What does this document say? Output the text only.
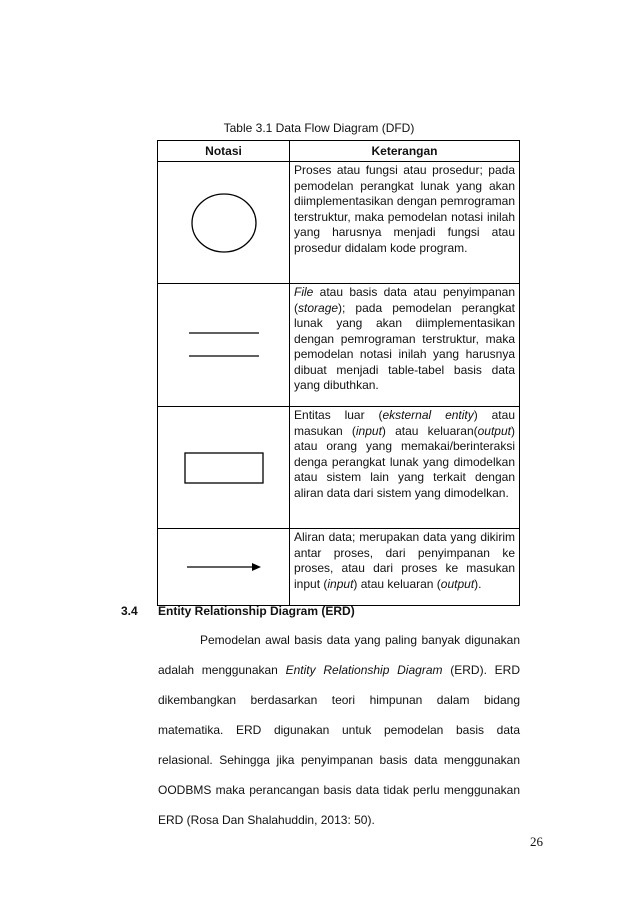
Table 3.1 Data Flow Diagram (DFD)
Notasi	Keterangan

Proses atau fungsi atau prosedur; pada pemodelan perangkat lunak yang akan diimplementasikan dengan pemrograman terstruktur, maka pemodelan notasi inilah yang harusnya menjadi fungsi atau prosedur didalam kode program.

File atau basis data atau penyimpanan (storage); pada pemodelan perangkat lunak yang akan diimplementasikan dengan pemrograman terstruktur, maka pemodelan notasi inilah yang harusnya dibuat menjadi table-tabel basis data yang dibuthkan.

Entitas luar (eksternal entity) atau masukan (input) atau keluaran(output) atau orang yang memakai/berinteraksi denga perangkat lunak yang dimodelkan atau sistem lain yang terkait dengan aliran data dari sistem yang dimodelkan.

Aliran data; merupakan data yang dikirim antar proses, dari penyimpanan ke proses, atau dari proses ke masukan input (input) atau keluaran (output).
3.4 Entity Relationship Diagram (ERD)

Pemodelan awal basis data yang paling banyak digunakan adalah menggunakan Entity Relationship Diagram (ERD). ERD dikembangkan berdasarkan teori himpunan dalam bidang matematika. ERD digunakan untuk pemodelan basis data relasional. Sehingga jika penyimpanan basis data menggunakan OODBMS maka perancangan basis data tidak perlu menggunakan ERD (Rosa Dan Shalahuddin, 2013: 50).

26
